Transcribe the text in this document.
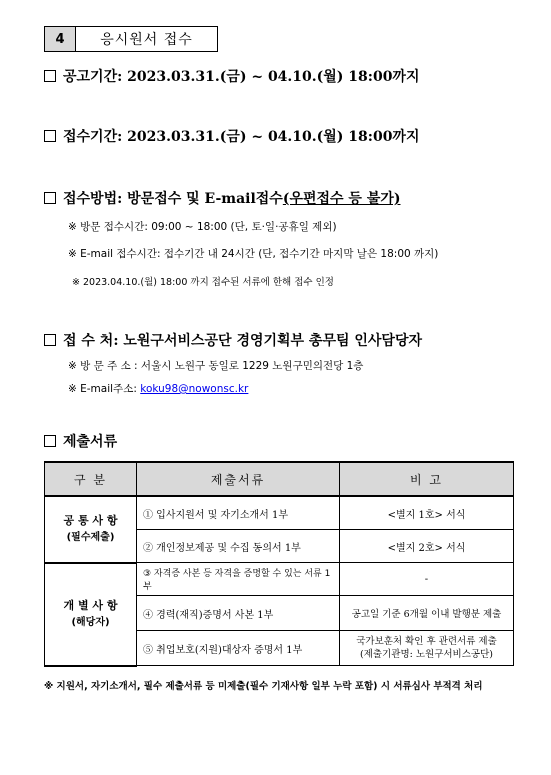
4	응시원서 접수
공고기간: 2023.03.31.(금) ~ 04.10.(월) 18:00까지
접수기간: 2023.03.31.(금) ~ 04.10.(월) 18:00까지
접수방법: 방문접수 및 E-mail접수(우편접수 등 불가)
※ 방문 접수시간: 09:00 ~ 18:00 (단, 토·일·공휴일 제외)
※ E-mail 접수시간: 접수기간 내 24시간 (단, 접수기간 마지막 날은 18:00 까지)
※ 2023.04.10.(월) 18:00 까지 접수된 서류에 한해 접수 인정
접 수 처: 노원구서비스공단 경영기획부 총무팀 인사담당자
※ 방 문 주 소 : 서울시 노원구 동일로 1229 노원구민의전당 1층
※ E-mail주소: koku98@nowonsc.kr
제출서류
구 분	제출서류	비 고
공 통 사 항
(필수제출)	① 입사지원서 및 자기소개서 1부	<별지 1호> 서식
	② 개인정보제공 및 수집 동의서 1부	<별지 2호> 서식
개 별 사 항
(해당자)	③ 자격증 사본 등 자격을 증명할 수 있는 서류 1부	-
	④ 경력(재직)증명서 사본 1부	공고일 기준 6개월 이내 발행분 제출
	⑤ 취업보호(지원)대상자 증명서 1부	국가보훈처 확인 후 관련서류 제출
(제출기관명: 노원구서비스공단)
※ 지원서, 자기소개서, 필수 제출서류 등 미제출(필수 기재사항 일부 누락 포함) 시 서류심사 부적격 처리
